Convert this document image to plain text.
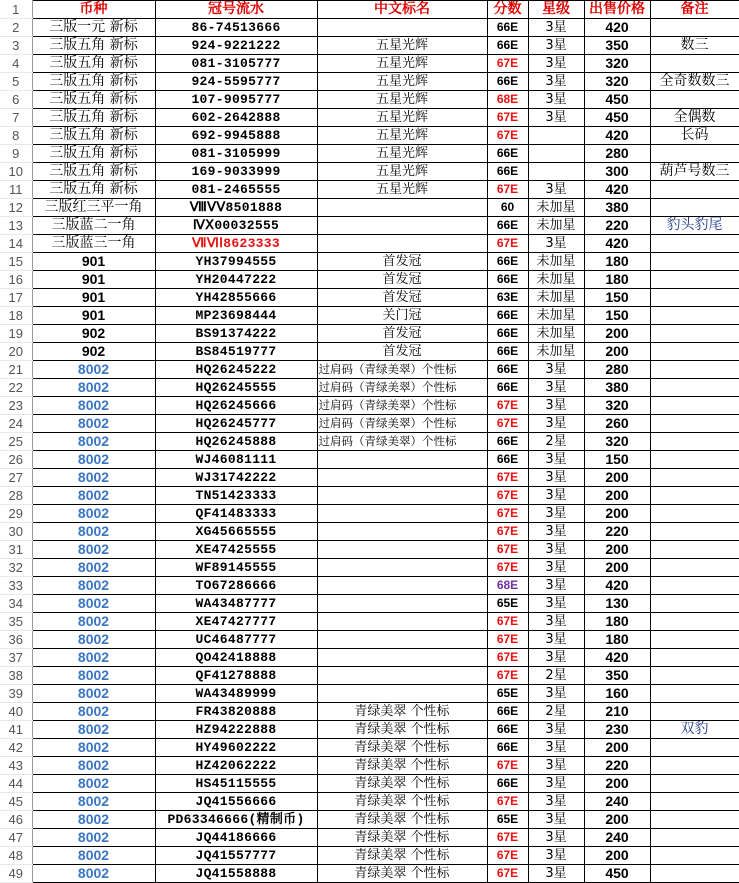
1	币种	冠号流水	中文标名	分数	星级	出售价格	备注
2	三版一元 新标	86-74513666		66E	3星	420	
3	三版五角 新标	924-9221222	五星光辉	66E	3星	350	数三
4	三版五角 新标	081-3105777	五星光辉	67E	3星	320	
5	三版五角 新标	924-5595777	五星光辉	66E	3星	320	全奇数数三
6	三版五角 新标	107-9095777	五星光辉	68E	3星	450	
7	三版五角 新标	602-2642888	五星光辉	67E	3星	450	全偶数
8	三版五角 新标	692-9945888	五星光辉	67E		420	长码
9	三版五角 新标	081-3105999	五星光辉	66E		280	
10	三版五角 新标	169-9033999	五星光辉	66E		300	葫芦号数三
11	三版五角 新标	081-2465555	五星光辉	67E	3星	420	
12	三版红三平一角	ⅧⅤⅤ8501888		60	未加星	380	
13	三版蓝二一角	ⅣⅩ00032555		66E	未加星	220	豹头豹尾
14	三版蓝三一角	ⅦⅥⅠ8623333		67E	3星	420	
15	901	YH37994555	首发冠	66E	未加星	180	
16	901	YH20447222	首发冠	66E	未加星	180	
17	901	YH42855666	首发冠	63E	未加星	150	
18	901	MP23698444	关门冠	66E	未加星	150	
19	902	BS91374222	首发冠	66E	未加星	200	
20	902	BS84519777	首发冠	66E	未加星	200	
21	8002	HQ26245222	过肩码（青绿美翠）个性标	66E	3星	280	
22	8002	HQ26245555	过肩码（青绿美翠）个性标	66E	3星	380	
23	8002	HQ26245666	过肩码（青绿美翠）个性标	67E	3星	320	
24	8002	HQ26245777	过肩码（青绿美翠）个性标	67E	3星	260	
25	8002	HQ26245888	过肩码（青绿美翠）个性标	66E	2星	320	
26	8002	WJ46081111		66E	3星	150	
27	8002	WJ31742222		67E	3星	200	
28	8002	TN51423333		67E	3星	200	
29	8002	QF41483333		67E	3星	200	
30	8002	XG45665555		67E	3星	220	
31	8002	XE47425555		67E	3星	200	
32	8002	WF89145555		67E	3星	200	
33	8002	TO67286666		68E	3星	420	
34	8002	WA43487777		65E	3星	130	
35	8002	XE47427777		67E	3星	180	
36	8002	UC46487777		67E	3星	180	
37	8002	QO42418888		67E	3星	420	
38	8002	QF41278888		67E	2星	350	
39	8002	WA43489999		65E	3星	160	
40	8002	FR43820888	青绿美翠 个性标	66E	2星	210	
41	8002	HZ94222888	青绿美翠 个性标	66E	3星	230	双豹
42	8002	HY49602222	青绿美翠 个性标	66E	3星	200	
43	8002	HZ42062222	青绿美翠 个性标	67E	3星	220	
44	8002	HS45115555	青绿美翠 个性标	66E	3星	200	
45	8002	JQ41556666	青绿美翠 个性标	67E	3星	240	
46	8002	PD63346666(精制币)	青绿美翠 个性标	65E	3星	200	
47	8002	JQ44186666	青绿美翠 个性标	67E	3星	240	
48	8002	JQ41557777	青绿美翠 个性标	67E	3星	200	
49	8002	JQ41558888	青绿美翠 个性标	67E	3星	450	
